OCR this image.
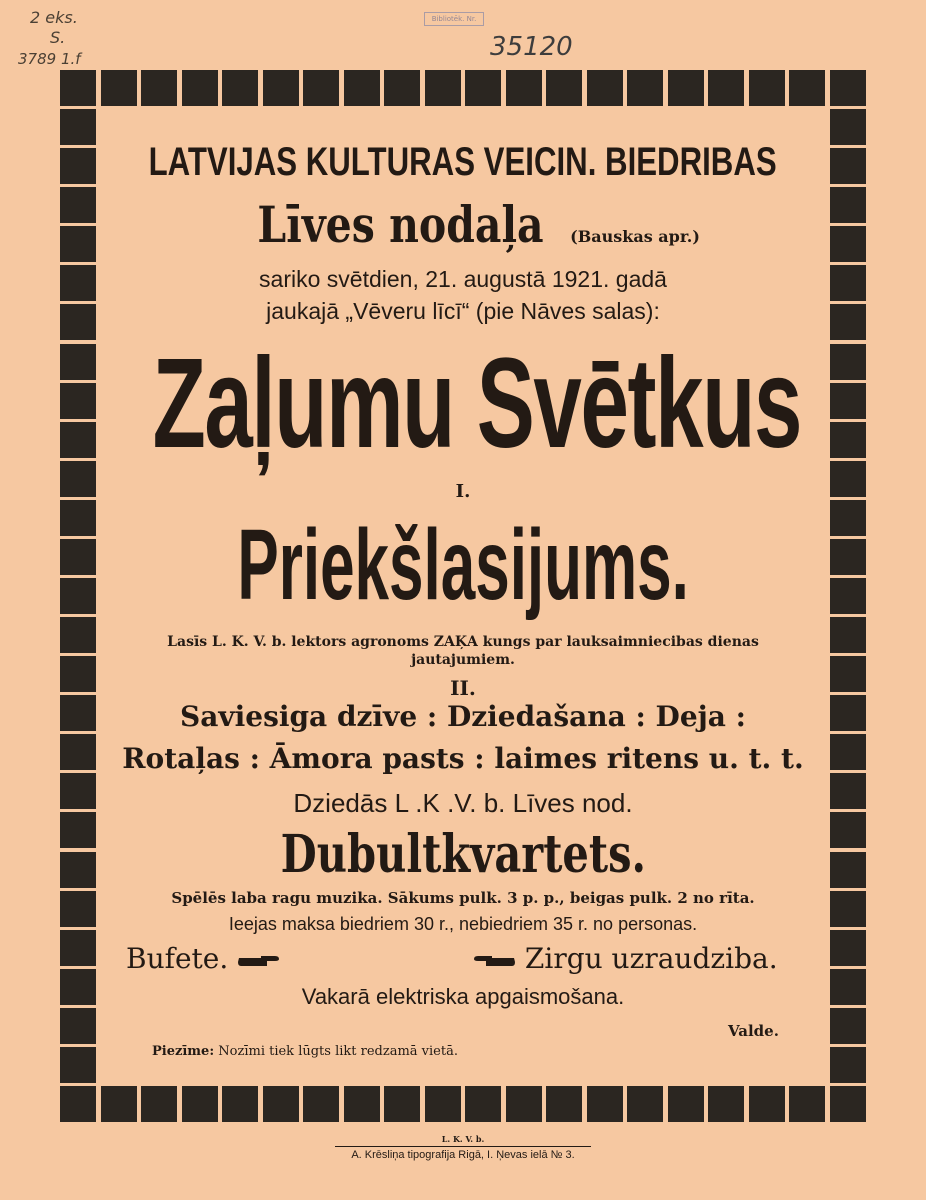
2 eks.
S.
3789 1.f
Bibliotēk. Nr.
35120
LATVIJAS KULTURAS VEICIN. BIEDRIBAS
Līves nodaļa (Bauskas apr.)
sariko svētdien, 21. augustā 1921. gadā
jaukajā „Vēveru līcī“ (pie Nāves salas):
Zaļumu Svētkus
I.
Priekšlasijums.
Lasīs L. K. V. b. lektors agronoms ZAĶA kungs par lauksaimniecibas dienas
jautajumiem.
II.
Saviesiga dzīve : Dziedašana : Deja :
Rotaļas : Āmora pasts : laimes ritens u. t. t.
Dziedās L .K .V. b. Līves nod.
Dubultkvartets.
Spēlēs laba ragu muzika. Sākums pulk. 3 p. p., beigas pulk. 2 no rīta.
Ieejas maksa biedriem 30 r., nebiedriem 35 r. no personas.
Bufete.	Zirgu uzraudziba.
Vakarā elektriska apgaismošana.
Valde.
Piezīme: Nozīmi tiek lūgts likt redzamā vietā.
L. K. V. b.
A. Krēsliņa tipografija Rigā, I. Ņevas ielā № 3.
